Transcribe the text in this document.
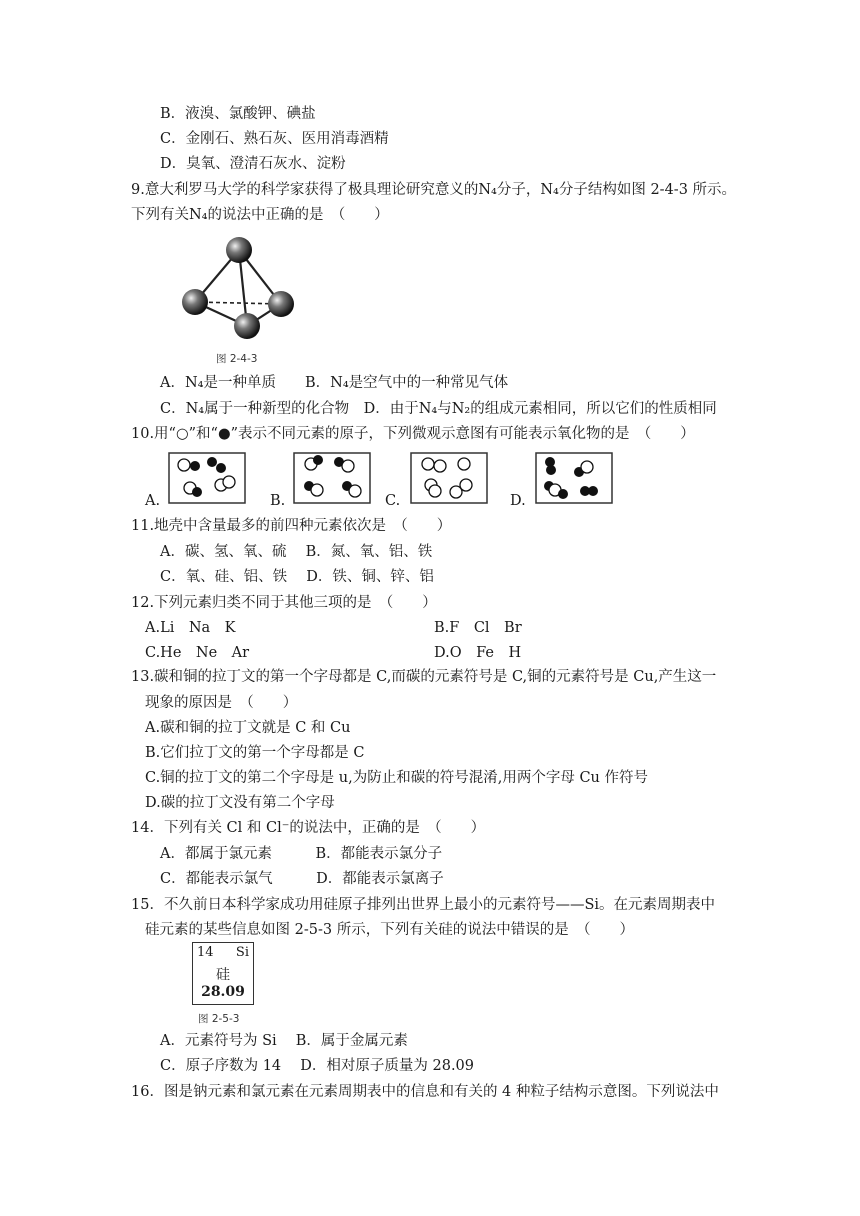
B．液溴、氯酸钾、碘盐
C．金刚石、熟石灰、医用消毒酒精
D．臭氧、澄清石灰水、淀粉
9.意大利罗马大学的科学家获得了极具理论研究意义的N₄分子，N₄分子结构如图 2-4-3 所示。
下列有关N₄的说法中正确的是　（　　）
图 2-4-3
A．N₄是一种单质　　B．N₄是空气中的一种常见气体
C．N₄属于一种新型的化合物　D．由于N₄与N₂的组成元素相同，所以它们的性质相同
10.用“○”和“●”表示不同元素的原子，下列微观示意图有可能表示氧化物的是　（　　）
A.	B.	C.	D.
11.地壳中含量最多的前四种元素依次是　（　　）
A．碳、氢、氧、硫　 B．氮、氧、铝、铁
C．氧、硅、铝、铁　 D．铁、铜、锌、铝
12.下列元素归类不同于其他三项的是　（　　）
A.Li　Na　K	B.F　Cl　Br
C.He　Ne　Ar	D.O　Fe　H
13.碳和铜的拉丁文的第一个字母都是 C,而碳的元素符号是 C,铜的元素符号是 Cu,产生这一
现象的原因是　（　　）
A.碳和铜的拉丁文就是 C 和 Cu
B.它们拉丁文的第一个字母都是 C
C.铜的拉丁文的第二个字母是 u,为防止和碳的符号混淆,用两个字母 Cu 作符号
D.碳的拉丁文没有第二个字母
14．下列有关 Cl 和 Cl⁻的说法中，正确的是　（　　）
A．都属于氯元素　　　B．都能表示氯分子
C．都能表示氯气　　　D．都能表示氯离子
15．不久前日本科学家成功用硅原子排列出世界上最小的元素符号——Si。在元素周期表中
硅元素的某些信息如图 2-5-3 所示，下列有关硅的说法中错误的是　（　　）
14 Si
硅
28.09
图 2-5-3
A．元素符号为 Si　 B．属于金属元素
C．原子序数为 14　 D．相对原子质量为 28.09
16．图是钠元素和氯元素在元素周期表中的信息和有关的 4 种粒子结构示意图。下列说法中
